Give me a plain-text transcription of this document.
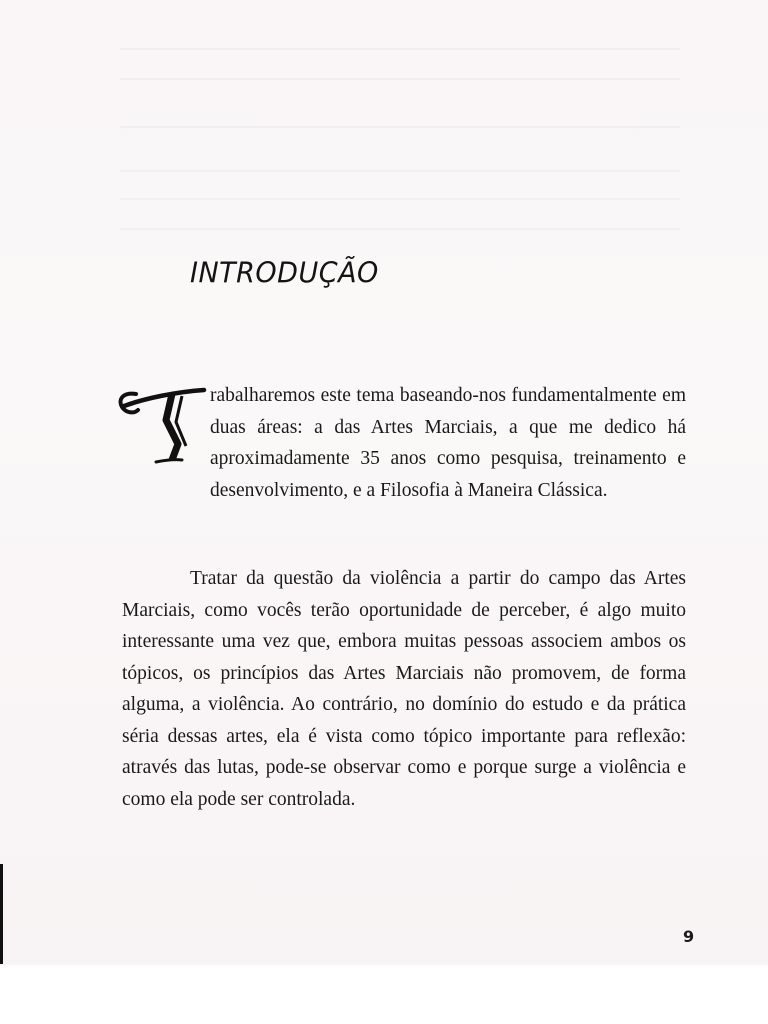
INTRODUÇÃO
rabalharemos este tema baseando-nos fundamentalmente em duas áreas: a das Artes Marciais, a que me dedico há aproximadamente 35 anos como pesquisa, treinamento e desenvolvimento, e a Filosofia à Maneira Clássica.
Tratar da questão da violência a partir do campo das Artes Marciais, como vocês terão oportunidade de perceber, é algo muito interessante uma vez que, embora muitas pessoas associem ambos os tópicos, os princípios das Artes Marciais não promovem, de forma alguma, a violência. Ao contrário, no domínio do estudo e da prática séria dessas artes, ela é vista como tópico importante para reflexão: através das lutas, pode-se observar como e porque surge a violência e como ela pode ser controlada.
9
